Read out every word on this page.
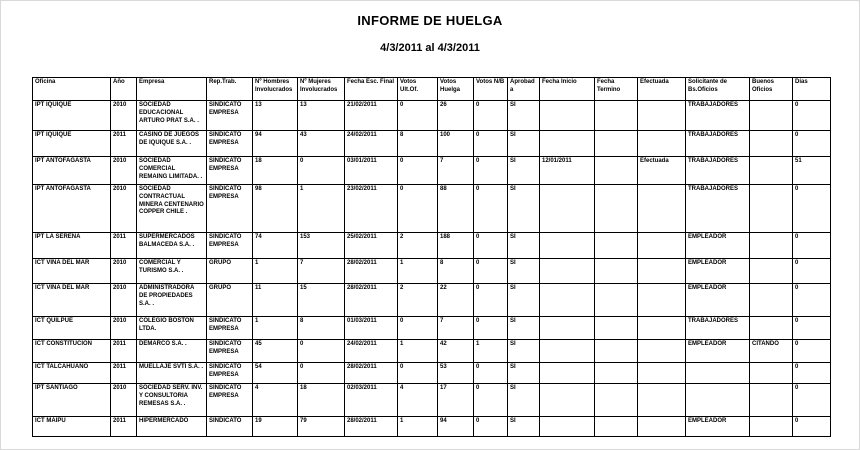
INFORME DE HUELGA
4/3/2011 al 4/3/2011
Oficina	Año	Empresa	Rep.Trab.	Nº Hombres Involucrados	Nº Mujeres Involucrados	Fecha Esc. Final	Votos Ult.Of.	Votos Huelga	Votos N/B	Aprobada	Fecha Inicio	Fecha Termino	Efectuada	Solicitante de Bs.Oficios	Buenos Oficios	Días
IPT IQUIQUE	2010	SOCIEDAD EDUCACIONAL ARTURO PRAT S.A. .	SINDICATO EMPRESA	13	13	21/02/2011	0	26	0	SI				TRABAJADORES		0
IPT IQUIQUE	2011	CASINO DE JUEGOS DE IQUIQUE S.A. .	SINDICATO EMPRESA	94	43	24/02/2011	8	100	0	SI				TRABAJADORES		0
IPT ANTOFAGASTA	2010	SOCIEDAD COMERCIAL REMAING LIMITADA. .	SINDICATO EMPRESA	18	0	03/01/2011	0	7	0	SI	12/01/2011		Efectuada	TRABAJADORES		51
IPT ANTOFAGASTA	2010	SOCIEDAD CONTRACTUAL MINERA CENTENARIO COPPER CHILE .	SINDICATO EMPRESA	98	1	23/02/2011	0	88	0	SI				TRABAJADORES		0
IPT LA SERENA	2011	SUPERMERCADOS BALMACEDA S.A. .	SINDICATO EMPRESA	74	153	25/02/2011	2	188	0	SI				EMPLEADOR		0
ICT VIÑA DEL MAR	2010	COMERCIAL Y TURISMO S.A. .	GRUPO	1	7	28/02/2011	1	8	0	SI				EMPLEADOR		0
ICT VIÑA DEL MAR	2010	ADMINISTRADORA DE PROPIEDADES S.A. .	GRUPO	11	15	28/02/2011	2	22	0	SI				EMPLEADOR		0
ICT QUILPUE	2010	COLEGIO BOSTON LTDA.	SINDICATO EMPRESA	1	8	01/03/2011	0	7	0	SI				TRABAJADORES		0
ICT CONSTITUCION	2011	DEMARCO S.A. .	SINDICATO EMPRESA	45	0	24/02/2011	1	42	1	SI				EMPLEADOR	CITANDO	0
ICT TALCAHUANO	2011	MUELLAJE SVTI S.A. .	SINDICATO EMPRESA	54	0	28/02/2011	0	53	0	SI						0
IPT SANTIAGO	2010	SOCIEDAD SERV. INV. Y CONSULTORIA REMESAS S.A. .	SINDICATO EMPRESA	4	18	02/03/2011	4	17	0	SI						0
ICT MAIPÚ	2011	HIPERMERCADO	SINDICATO	19	79	28/02/2011	1	94	0	SI				EMPLEADOR		0
